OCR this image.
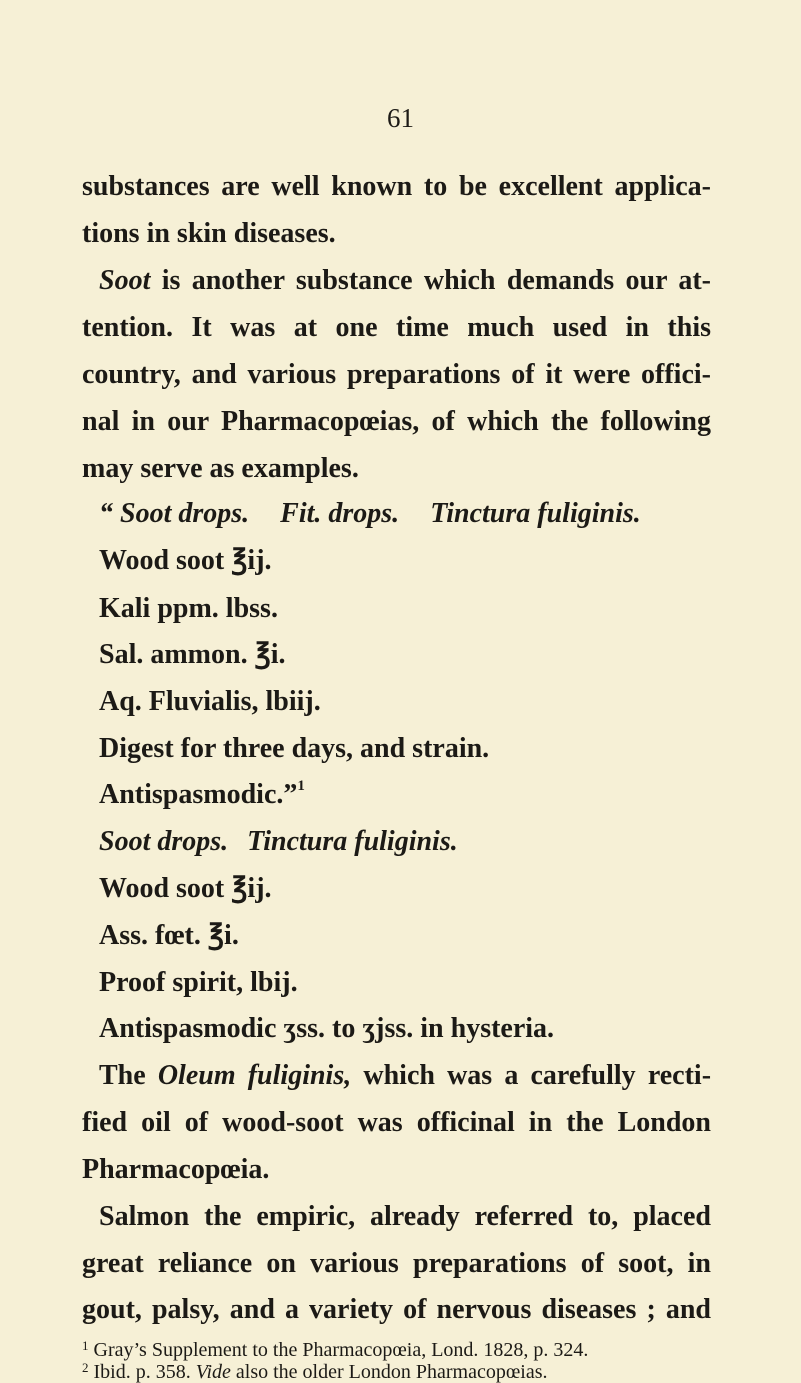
61
substances are well known to be excellent applica-
tions in skin diseases.
Soot is another substance which demands our at-
tention. It was at one time much used in this
country, and various preparations of it were offici-
nal in our Pharmacopœias, of which the following
may serve as examples.
“ Soot drops. Fit. drops. Tinctura fuliginis.
Wood soot ℥ij.
Kali ppm. lbss.
Sal. ammon. ℥i.
Aq. Fluvialis, lbiij.
Digest for three days, and strain.
Antispasmodic.”$^1$
Soot drops. Tinctura fuliginis.
Wood soot ℥ij.
Ass. fœt. ℥i.
Proof spirit, lbij.
Antispasmodic ʒss. to ʒjss. in hysteria.
The Oleum fuliginis, which was a carefully recti-
fied oil of wood-soot was officinal in the London
Pharmacopœia.
Salmon the empiric, already referred to, placed
great reliance on various preparations of soot, in
gout, palsy, and a variety of nervous diseases ; and
$^1$ Gray’s Supplement to the Pharmacopœia, Lond. 1828, p. 324.
$^2$ Ibid. p. 358. Vide also the older London Pharmacopœias.
